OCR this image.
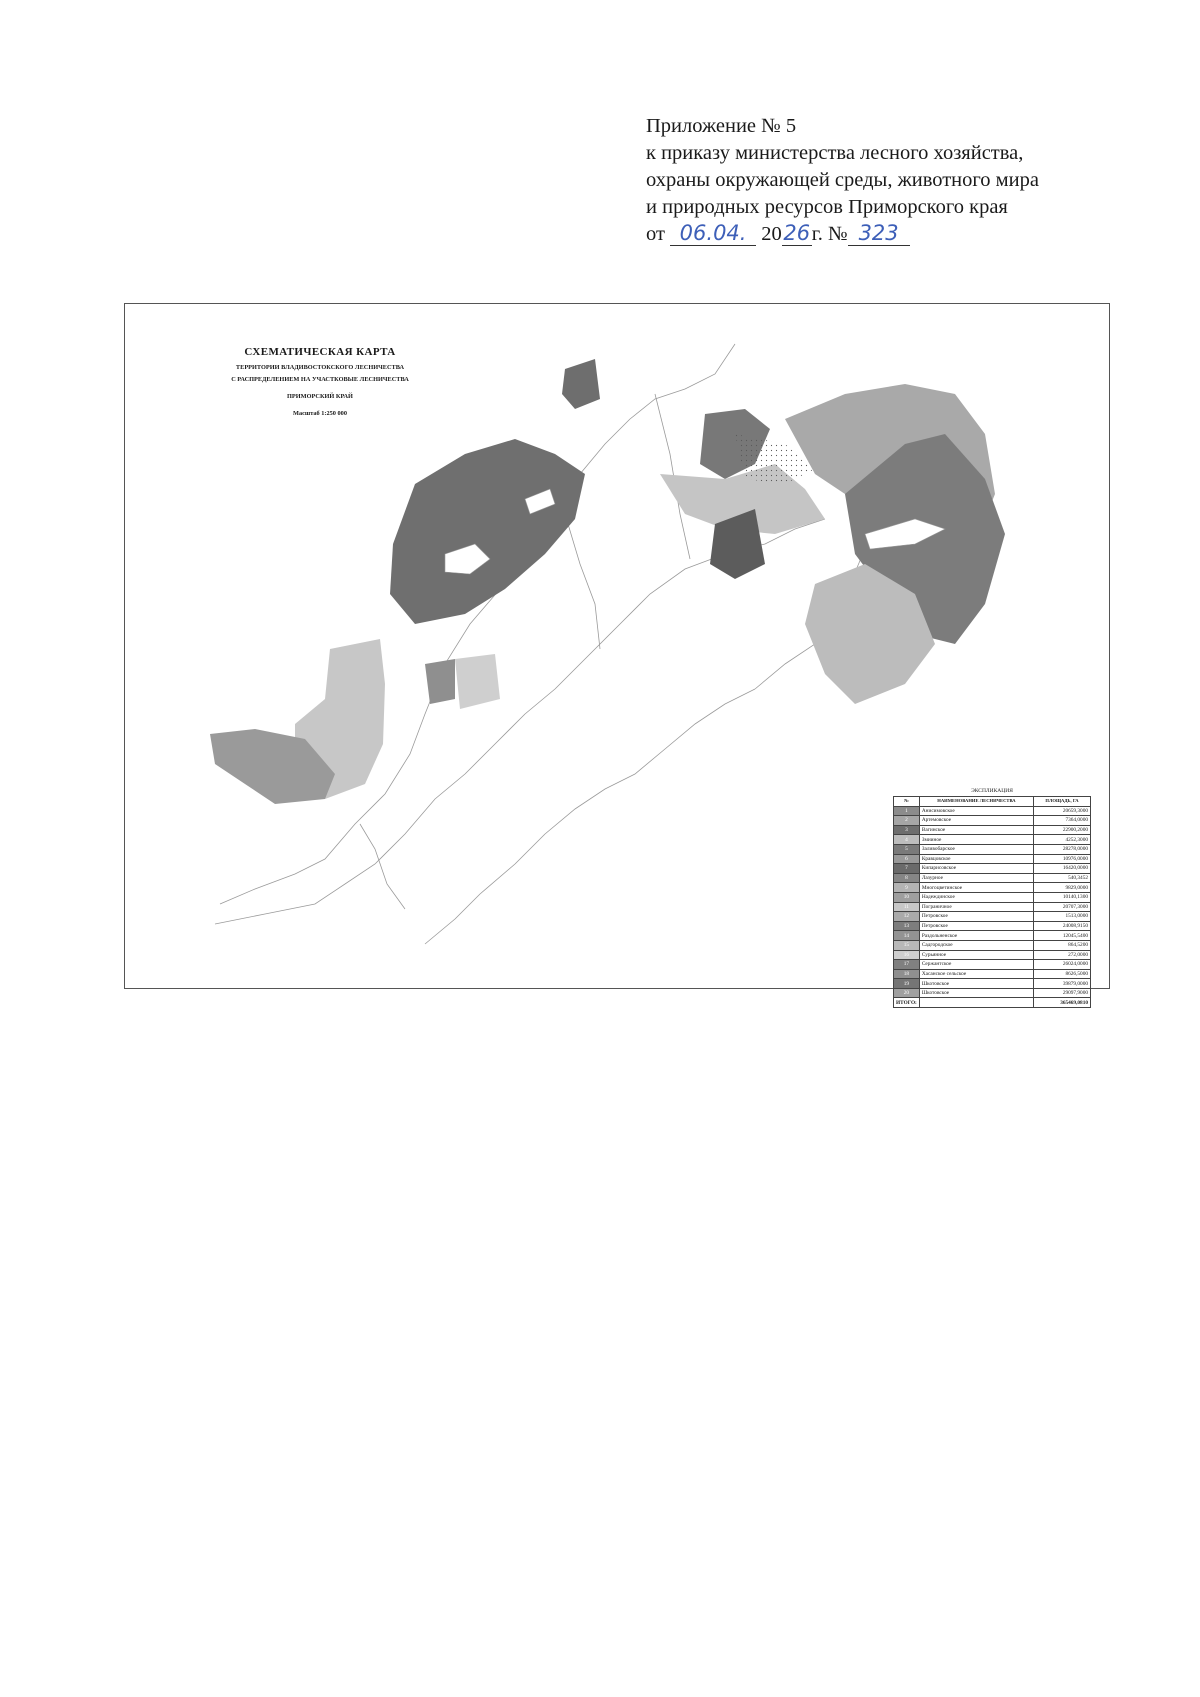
Приложение № 5
к приказу министерства лесного хозяйства,
охраны окружающей среды, животного мира
и природных ресурсов Приморского края
от 06.04. 2026г. № 323
СХЕМАТИЧЕСКАЯ КАРТА
ТЕРРИТОРИИ ВЛАДИВОСТОКСКОГО ЛЕСНИЧЕСТВА
С РАСПРЕДЕЛЕНИЕМ НА УЧАСТКОВЫЕ ЛЕСНИЧЕСТВА
ПРИМОРСКИЙ КРАЙ
Масштаб 1:250 000
ЭКСПЛИКАЦИЯ
№	НАИМЕНОВАНИЕ ЛЕСНИЧЕСТВА	ПЛОЩАДЬ, ГА
1	Анисимовское	20659,3000
2	Артемовское	7364,0000
3	Вагинское	22900,2000
4	Змииное	4252,3000
5	Заливобарское	28278,0000
6	Кравцовское	10976,0000
7	Кипарисовское	16420,0000
8	Лазурное	540,3452
9	Многоцветинское	9829,0000
10	Надеждинское	10140,1300
11	Пограничное	20707,3000
12	Петровское	1513,0000
13	Петровское	24008,9150
14	Раздольненское	12045,5400
15	Садгородское	864,5200
16	Сурьянное	272,0000
17	Сержантское	26024,0000
18	Хасанское сельское	8626,5000
19	Шкотовское	39879,0000
20	Шкотовское	29097,9000
ИТОГО:		365469,0810
